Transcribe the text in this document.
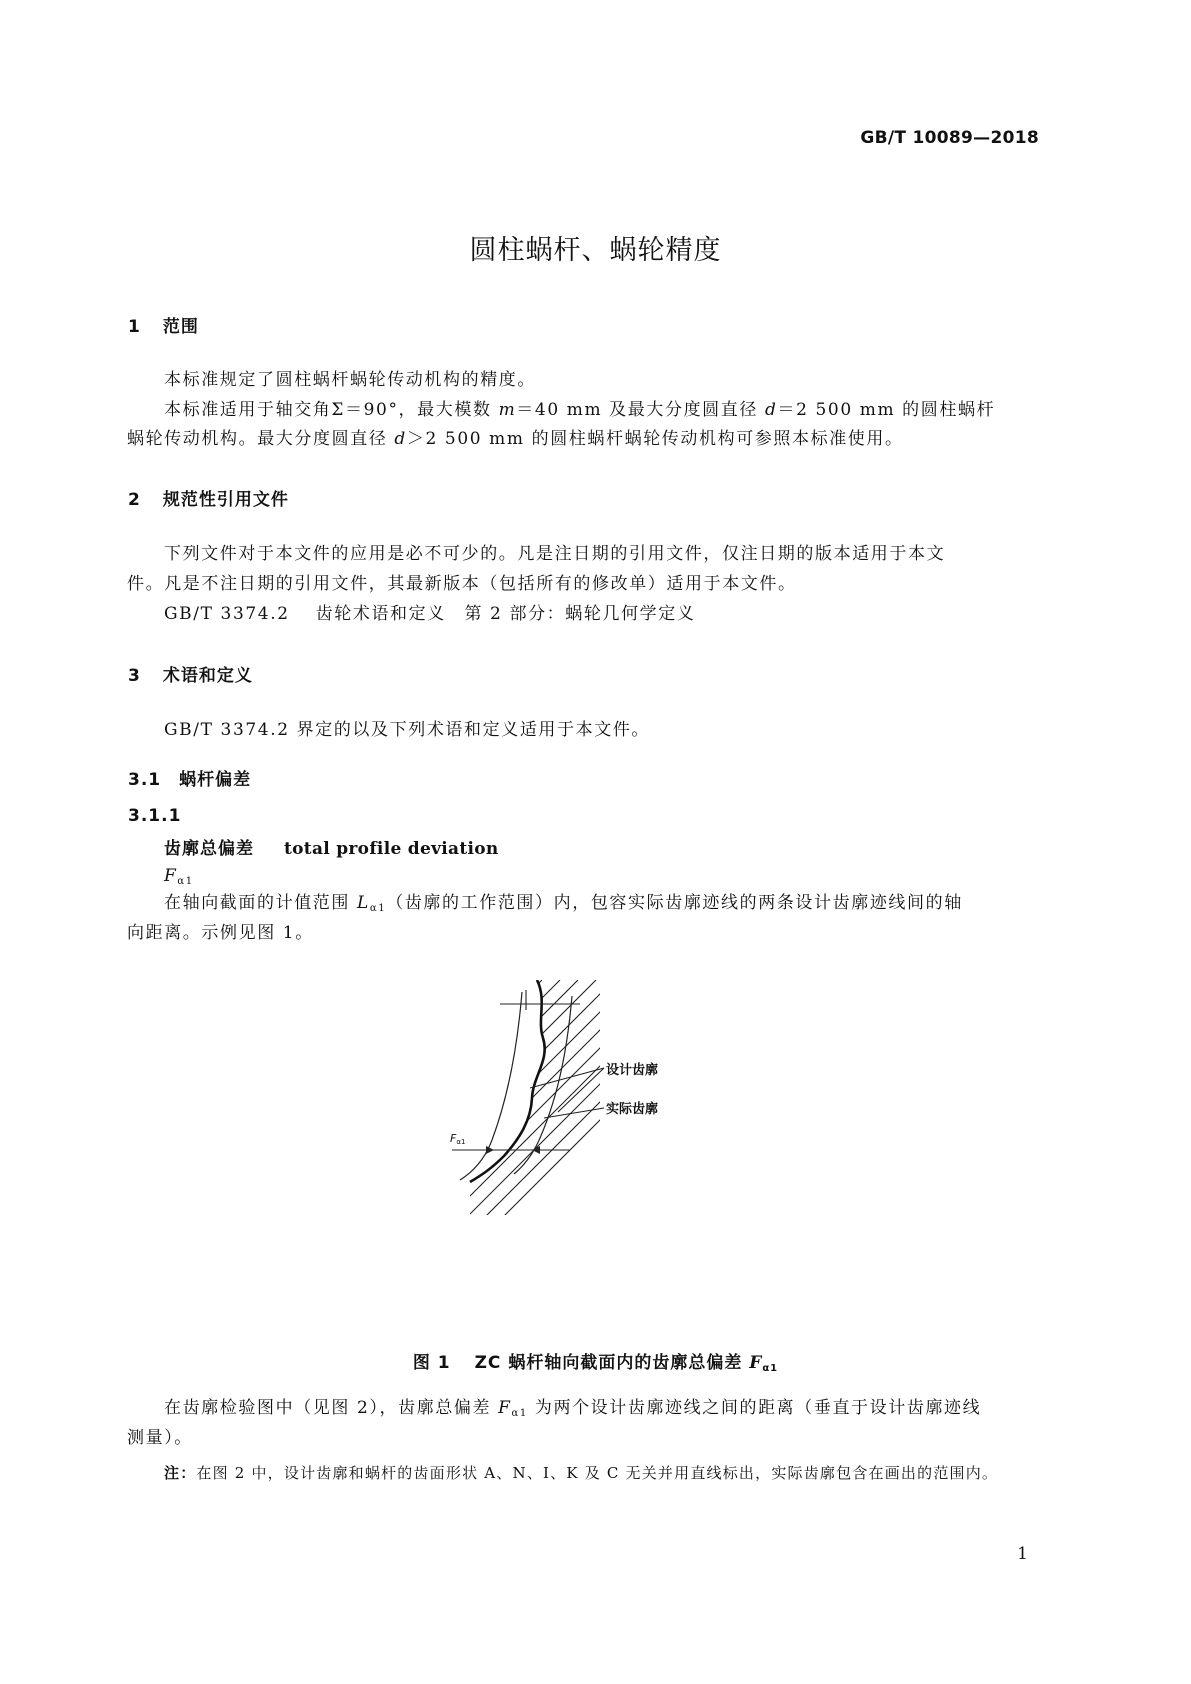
GB/T 10089—2018
圆柱蜗杆、蜗轮精度
1 范围
本标准规定了圆柱蜗杆蜗轮传动机构的精度。
本标准适用于轴交角Σ＝90°，最大模数 m＝40 mm 及最大分度圆直径 d＝2 500 mm 的圆柱蜗杆
蜗轮传动机构。最大分度圆直径 d＞2 500 mm 的圆柱蜗杆蜗轮传动机构可参照本标准使用。
2 规范性引用文件
下列文件对于本文件的应用是必不可少的。凡是注日期的引用文件，仅注日期的版本适用于本文
件。凡是不注日期的引用文件，其最新版本（包括所有的修改单）适用于本文件。
GB/T 3374.2 齿轮术语和定义　第 2 部分：蜗轮几何学定义
3 术语和定义
GB/T 3374.2 界定的以及下列术语和定义适用于本文件。
3.1 蜗杆偏差
3.1.1
齿廓总偏差 total profile deviation
$F_{\alpha 1}$
在轴向截面的计值范围 $L_{\alpha 1}$（齿廓的工作范围）内，包容实际齿廓迹线的两条设计齿廓迹线间的轴
向距离。示例见图 1。
设计齿廓
实际齿廓
Fα1
图 1 ZC 蜗杆轴向截面内的齿廓总偏差 $F_{\alpha 1}$
在齿廓检验图中（见图 2），齿廓总偏差 $F_{\alpha 1}$ 为两个设计齿廓迹线之间的距离（垂直于设计齿廓迹线
测量）。
注：在图 2 中，设计齿廓和蜗杆的齿面形状 A、N、I、K 及 C 无关并用直线标出，实际齿廓包含在画出的范围内。
1
